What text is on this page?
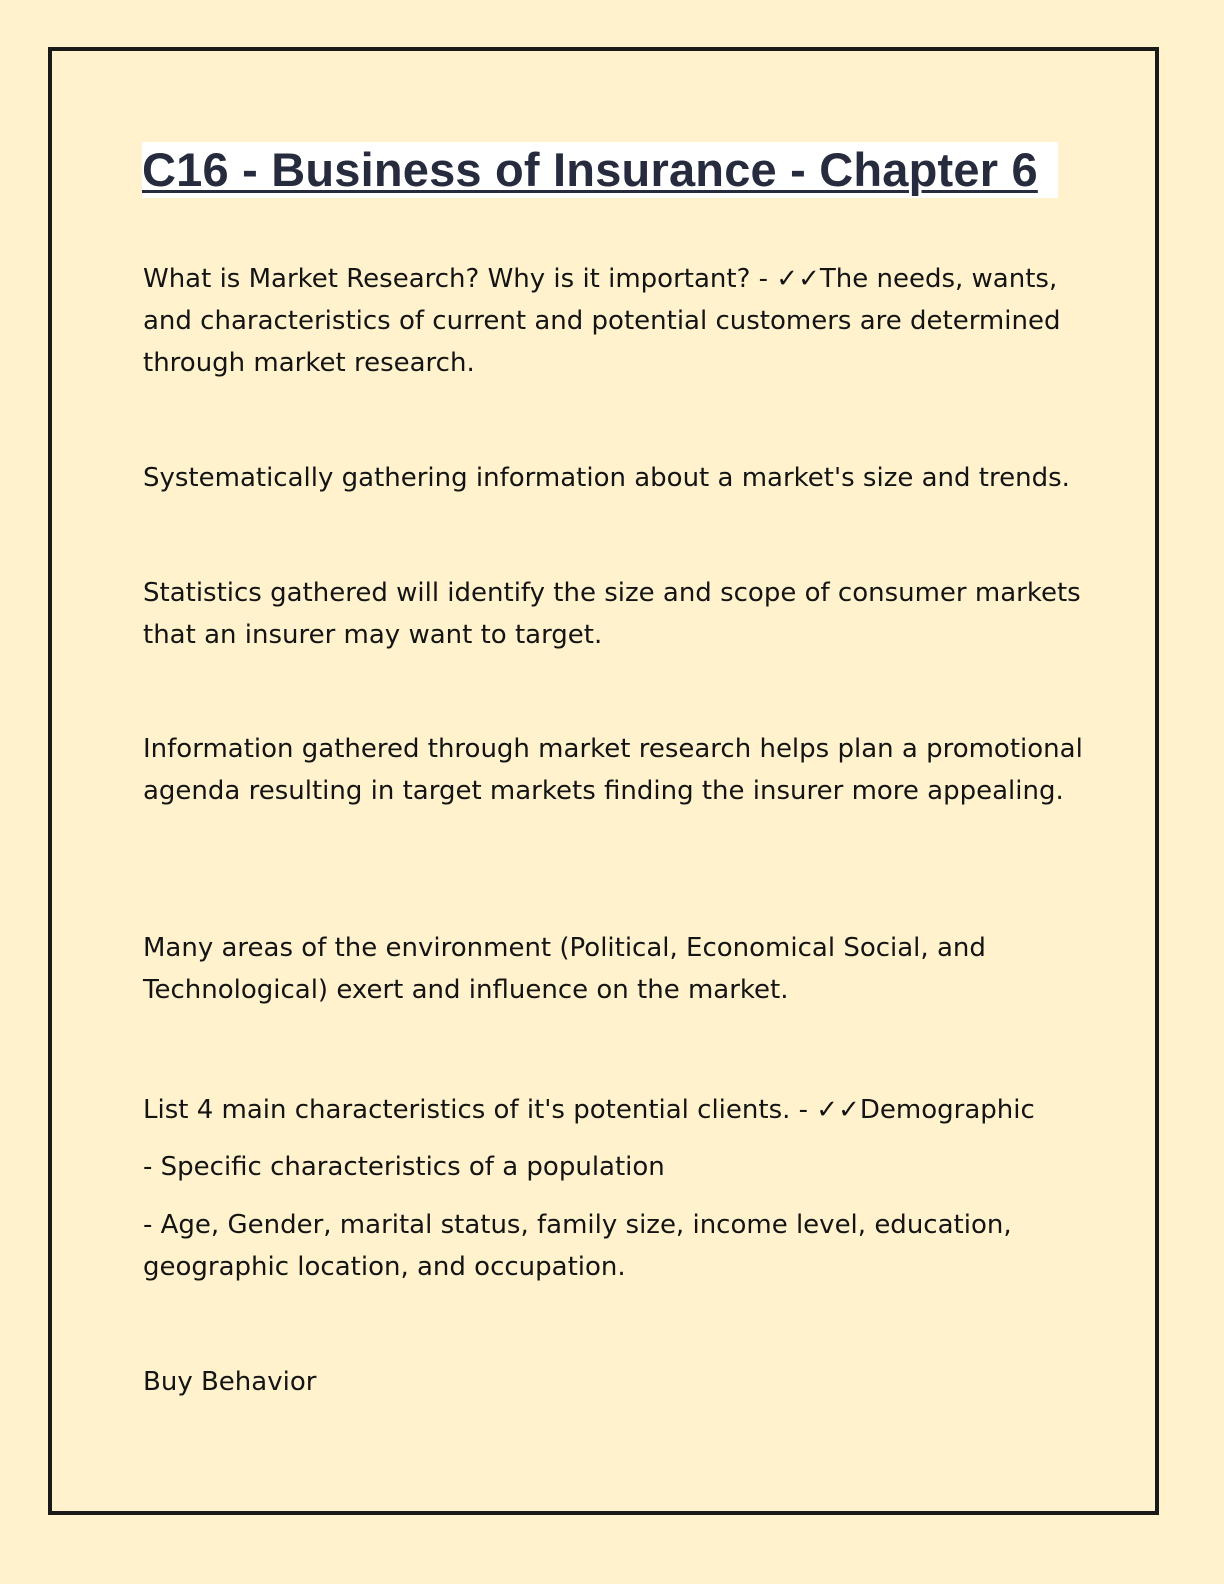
C16 - Business of Insurance - Chapter 6

What is Market Research? Why is it important? - ✓✓The needs, wants, and characteristics of current and potential customers are determined through market research.

Systematically gathering information about a market's size and trends.

Statistics gathered will identify the size and scope of consumer markets that an insurer may want to target.

Information gathered through market research helps plan a promotional agenda resulting in target markets finding the insurer more appealing.

Many areas of the environment (Political, Economical Social, and Technological) exert and influence on the market.

List 4 main characteristics of it's potential clients. - ✓✓Demographic

- Specific characteristics of a population

- Age, Gender, marital status, family size, income level, education, geographic location, and occupation.

Buy Behavior
